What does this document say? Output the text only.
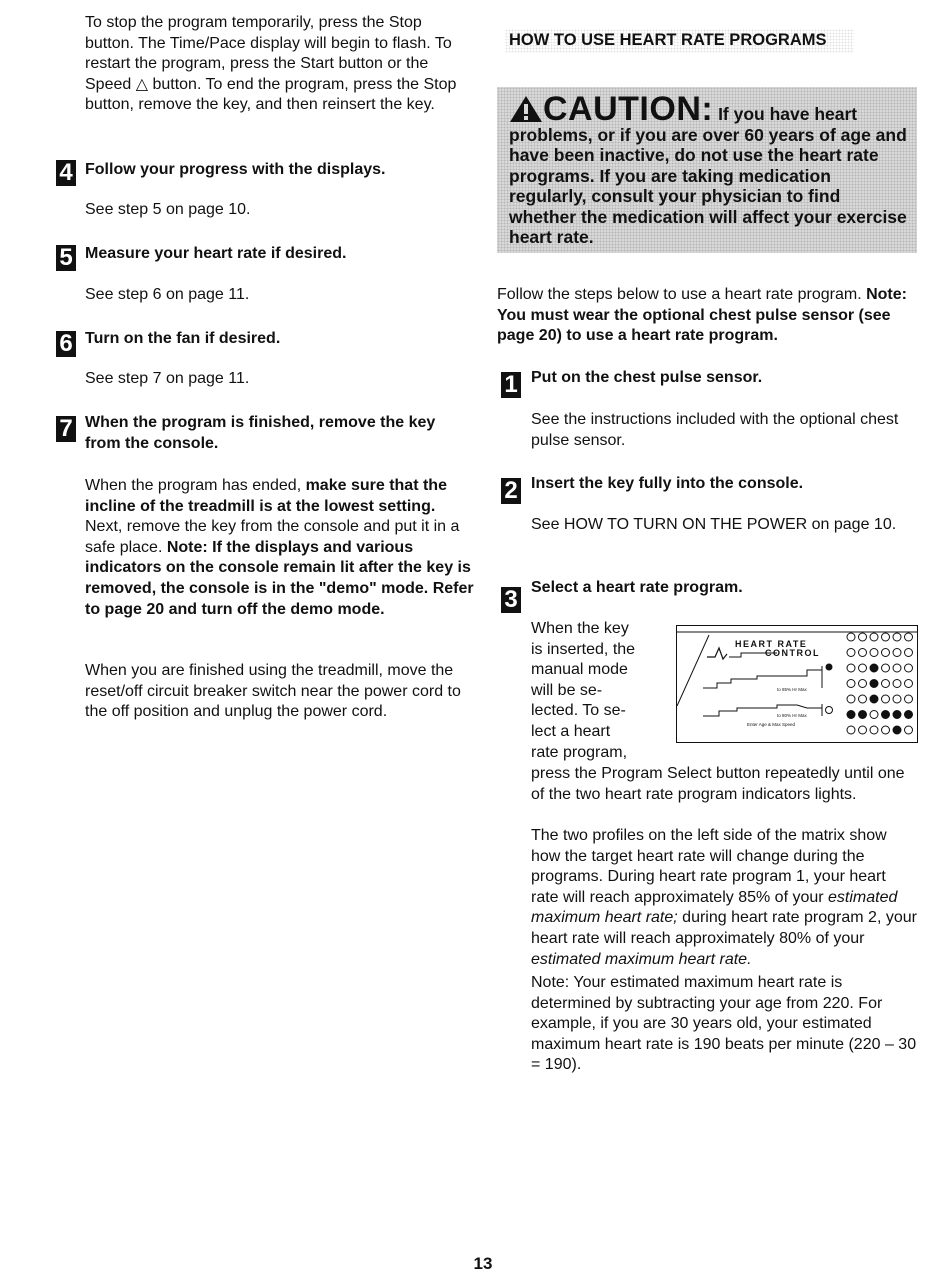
To stop the program temporarily, press the Stop button. The Time/Pace display will begin to flash. To restart the program, press the Start button or the Speed △ button. To end the program, press the Stop button, remove the key, and then reinsert the key.

4 Follow your progress with the displays.

See step 5 on page 10.

5 Measure your heart rate if desired.

See step 6 on page 11.

6 Turn on the fan if desired.

See step 7 on page 11.

7 When the program is finished, remove the key from the console.

When the program has ended, make sure that the incline of the treadmill is at the lowest setting. Next, remove the key from the console and put it in a safe place. Note: If the displays and various indicators on the console remain lit after the key is removed, the console is in the "demo" mode. Refer to page 20 and turn off the demo mode.

When you are finished using the treadmill, move the reset/off circuit breaker switch near the power cord to the off position and unplug the power cord.

HOW TO USE HEART RATE PROGRAMS
CAUTION: If you have heart problems, or if you are over 60 years of age and have been inactive, do not use the heart rate programs. If you are taking medication regularly, consult your physician to find whether the medication will affect your exercise heart rate.

Follow the steps below to use a heart rate program. Note: You must wear the optional chest pulse sensor (see page 20) to use a heart rate program.

1 Put on the chest pulse sensor.

See the instructions included with the optional chest pulse sensor.

2 Insert the key fully into the console.

See HOW TO TURN ON THE POWER on page 10.

3 Select a heart rate program.

When the key

is inserted, the

manual mode

will be se-

lected. To se-

lect a heart

rate program,

HEART RATE
CONTROL
to 85% Hr Max
to 80% Hr Max
Enter Age & Max Speed

press the Program Select button repeatedly until one of the two heart rate program indicators lights.

The two profiles on the left side of the matrix show how the target heart rate will change during the programs. During heart rate program 1, your heart rate will reach approximately 85% of your estimated maximum heart rate; during heart rate program 2, your heart rate will reach approximately 80% of your estimated maximum heart rate.

Note: Your estimated maximum heart rate is determined by subtracting your age from 220. For example, if you are 30 years old, your estimated maximum heart rate is 190 beats per minute (220 – 30 = 190).

13
